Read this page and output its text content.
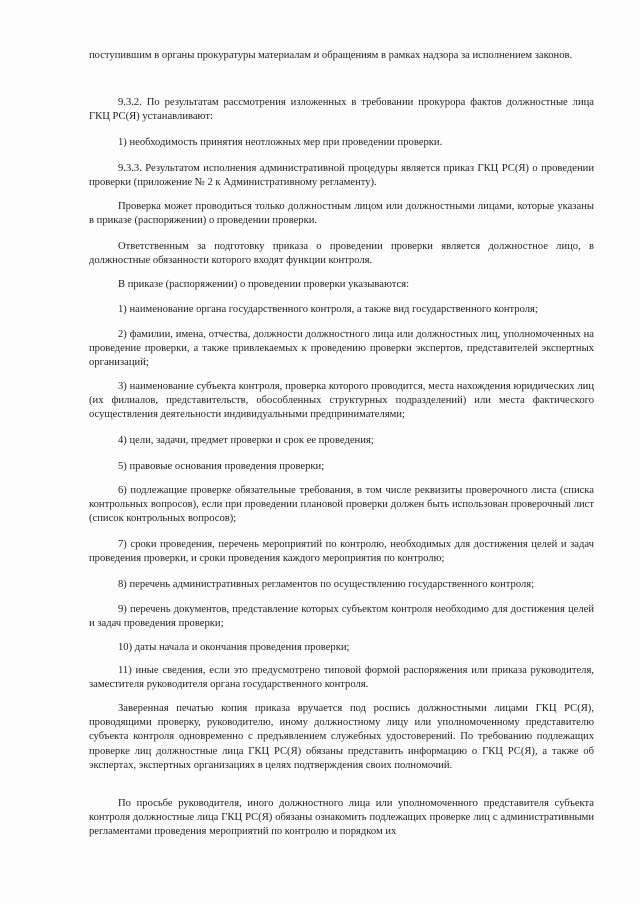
поступившим в органы прокуратуры материалам и обращениям в рамках надзора за исполнением законов.

9.3.2. По результатам рассмотрения изложенных в требовании прокурора фактов должностные лица ГКЦ РС(Я) устанавливают:

1) необходимость принятия неотложных мер при проведении проверки.

9.3.3. Результатом исполнения административной процедуры является приказ ГКЦ РС(Я) о проведении проверки (приложение № 2 к Административному регламенту).

Проверка может проводиться только должностным лицом или должностными лицами, которые указаны в приказе (распоряжении) о проведении проверки.

Ответственным за подготовку приказа о проведении проверки является должностное лицо, в должностные обязанности которого входят функции контроля.

В приказе (распоряжении) о проведении проверки указываются:

1) наименование органа государственного контроля, а также вид государственного контроля;

2) фамилии, имена, отчества, должности должностного лица или должностных лиц, уполномоченных на проведение проверки, а также привлекаемых к проведению проверки экспертов, представителей экспертных организаций;

3) наименование субъекта контроля, проверка которого проводится, места нахождения юридических лиц (их филиалов, представительств, обособленных структурных подразделений) или места фактического осуществления деятельности индивидуальными предпринимателями;

4) цели, задачи, предмет проверки и срок ее проведения;

5) правовые основания проведения проверки;

6) подлежащие проверке обязательные требования, в том числе реквизиты проверочного листа (списка контрольных вопросов), если при проведении плановой проверки должен быть использован проверочный лист (список контрольных вопросов);

7) сроки проведения, перечень мероприятий по контролю, необходимых для достижения целей и задач проведения проверки, и сроки проведения каждого мероприятия по контролю;

8) перечень административных регламентов по осуществлению государственного контроля;

9) перечень документов, представление которых субъектом контроля необходимо для достижения целей и задач проведения проверки;

10) даты начала и окончания проведения проверки;

11) иные сведения, если это предусмотрено типовой формой распоряжения или приказа руководителя, заместителя руководителя органа государственного контроля.

Заверенная печатью копия приказа вручается под роспись должностными лицами ГКЦ РС(Я), проводящими проверку, руководителю, иному должностному лицу или уполномоченному представителю субъекта контроля одновременно с предъявлением служебных удостоверений. По требованию подлежащих проверке лиц должностные лица ГКЦ РС(Я) обязаны представить информацию о ГКЦ РС(Я), а также об экспертах, экспертных организациях в целях подтверждения своих полномочий.

По просьбе руководителя, иного должностного лица или уполномоченного представителя субъекта контроля должностные лица ГКЦ РС(Я) обязаны ознакомить подлежащих проверке лиц с административными регламентами проведения мероприятий по контролю и порядком их
